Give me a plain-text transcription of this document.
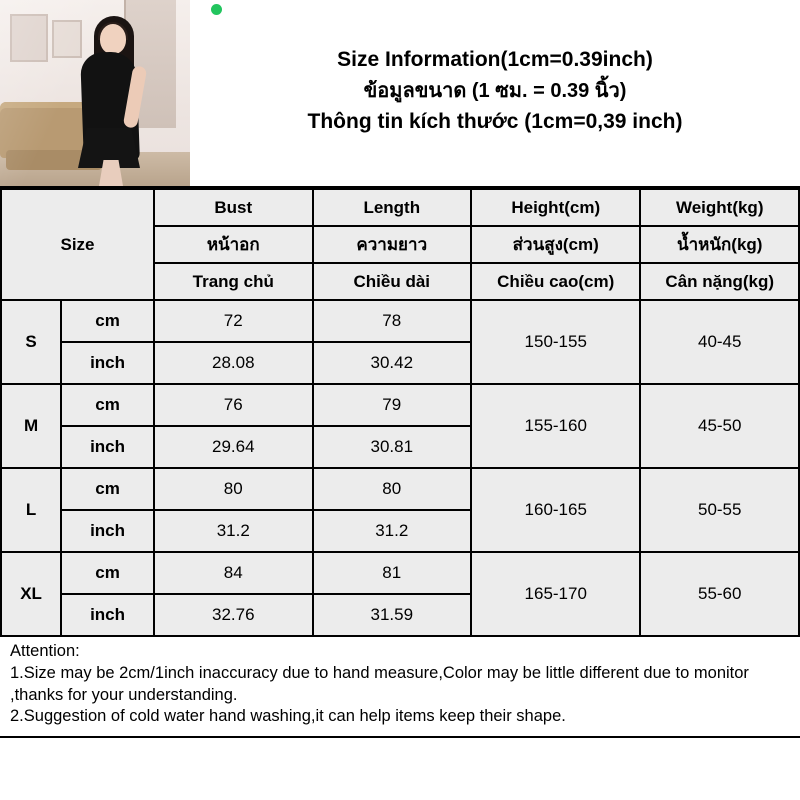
Size Information(1cm=0.39inch)
ข้อมูลขนาด (1 ซม. = 0.39 นิ้ว)
Thông tin kích thước (1cm=0,39 inch)
Size		Bust	Length	Height(cm)	Weight(kg)
		หน้าอก	ความยาว	ส่วนสูง(cm)	น้ำหนัก(kg)
		Trang chủ	Chiều dài	Chiều cao(cm)	Cân nặng(kg)
S	cm	72	78	150-155	40-45
	inch	28.08	30.42		
M	cm	76	79	155-160	45-50
	inch	29.64	30.81		
L	cm	80	80	160-165	50-55
	inch	31.2	31.2		
XL	cm	84	81	165-170	55-60
	inch	32.76	31.59		
Attention:
1.Size may be 2cm/1inch inaccuracy due to hand measure,Color may be little different due to monitor ,thanks for your understanding.
2.Suggestion of cold water hand washing,it can help items keep their shape.
